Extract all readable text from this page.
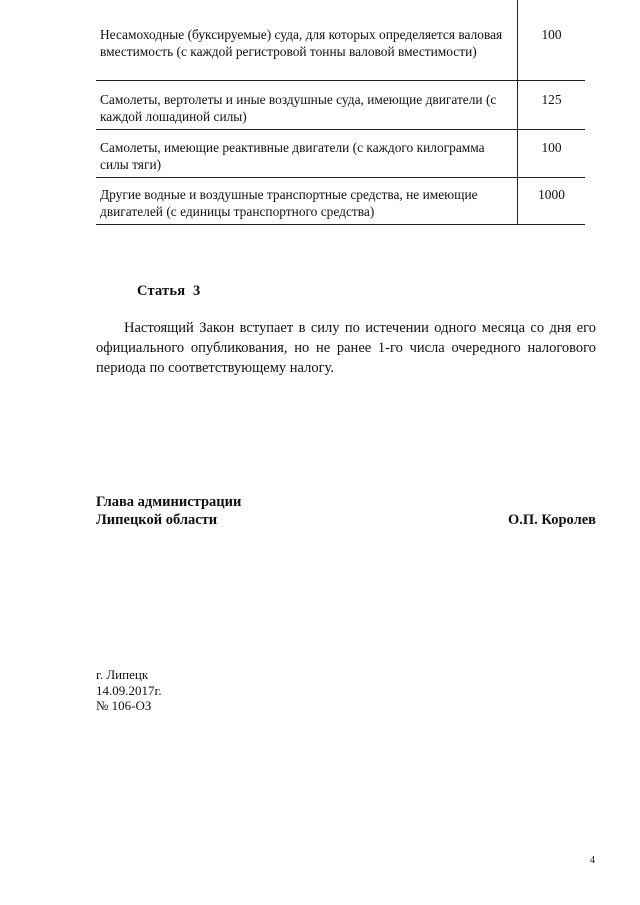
Несамоходные (буксируемые) суда, для которых определяется валовая вместимость (с каждой регистровой тонны валовой вместимости)	100
Самолеты, вертолеты и иные воздушные суда, имеющие двигатели (с каждой лошадиной силы)	125
Самолеты, имеющие реактивные двигатели (с каждого килограмма силы тяги)	100
Другие водные и воздушные транспортные средства, не имеющие двигателей (с единицы транспортного средства)	1000
Статья  3

Настоящий Закон вступает в силу по истечении одного месяца со дня его официального опубликования, но не ранее 1-го числа очередного налогового периода по соответствующему налогу.

Глава администрации
Липецкой области	О.П. Королев
г. Липецк
14.09.2017г.
№ 106-ОЗ
4
